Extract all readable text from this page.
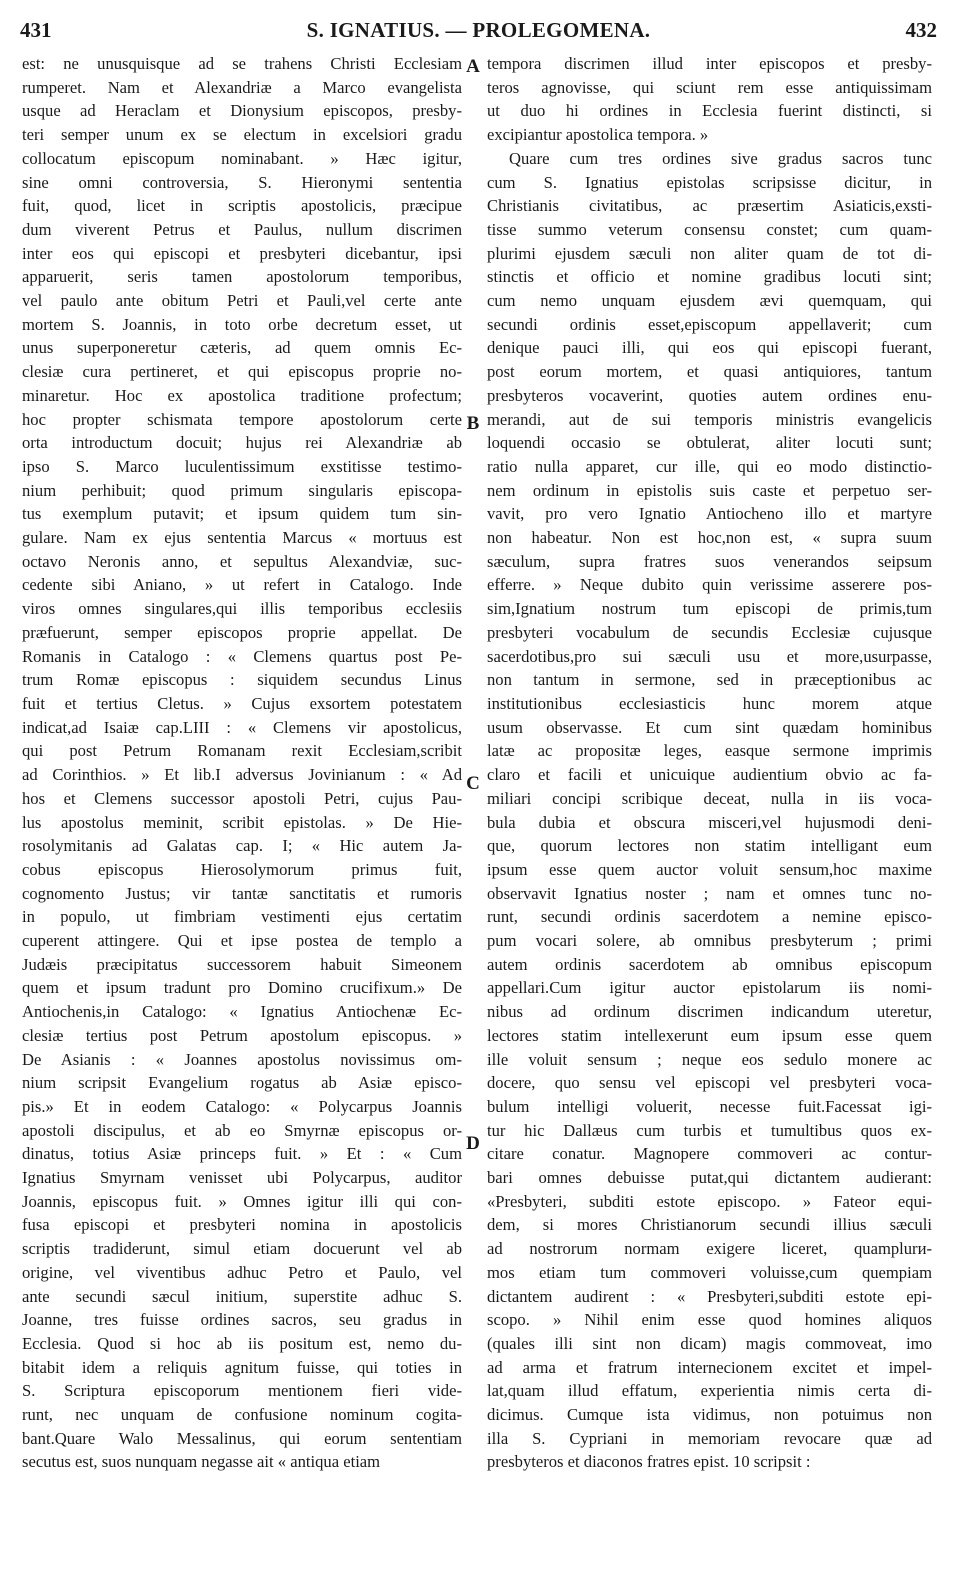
431	S. IGNATIUS. — PROLEGOMENA.	432
est: ne unusquisque ad se trahens Christi Ecclesiam
rumperet. Nam et Alexandriæ a Marco evangelista
usque ad Heraclam et Dionysium episcopos, presby-
teri semper unum ex se electum in excelsiori gradu
collocatum episcopum nominabant. » Hæc igitur,
sine omni controversia, S. Hieronymi sententia
fuit, quod, licet in scriptis apostolicis, præcipue
dum viverent Petrus et Paulus, nullum discrimen
inter eos qui episcopi et presbyteri dicebantur, ipsi
apparuerit, seris tamen apostolorum temporibus,
vel paulo ante obitum Petri et Pauli,vel certe ante
mortem S. Joannis, in toto orbe decretum esset, ut
unus superponeretur cæteris, ad quem omnis Ec-
clesiæ cura pertineret, et qui episcopus proprie no-
minaretur. Hoc ex apostolica traditione profectum;
hoc propter schismata tempore apostolorum certe
orta introductum docuit; hujus rei Alexandriæ ab
ipso S. Marco luculentissimum exstitisse testimo-
nium perhibuit; quod primum singularis episcopa-
tus exemplum putavit; et ipsum quidem tum sin-
gulare. Nam ex ejus sententia Marcus « mortuus est
octavo Neronis anno, et sepultus Alexandviæ, suc-
cedente sibi Aniano, » ut refert in Catalogo. Inde
viros omnes singulares,qui illis temporibus ecclesiis
præfuerunt, semper episcopos proprie appellat. De
Romanis in Catalogo : « Clemens quartus post Pe-
trum Romæ episcopus : siquidem secundus Linus
fuit et tertius Cletus. » Cujus exsortem potestatem
indicat,ad Isaiæ cap.LIII : « Clemens vir apostolicus,
qui post Petrum Romanam rexit Ecclesiam,scribit
ad Corinthios. » Et lib.I adversus Jovinianum : « Ad
hos et Clemens successor apostoli Petri, cujus Pau-
lus apostolus meminit, scribit epistolas. » De Hie-
rosolymitanis ad Galatas cap. I; « Hic autem Ja-
cobus episcopus Hierosolymorum primus fuit,
cognomento Justus; vir tantæ sanctitatis et rumoris
in populo, ut fimbriam vestimenti ejus certatim
cuperent attingere. Qui et ipse postea de templo a
Judæis præcipitatus successorem habuit Simeonem
quem et ipsum tradunt pro Domino crucifixum.» De
Antiochenis,in Catalogo: « Ignatius Antiochenæ Ec-
clesiæ tertius post Petrum apostolum episcopus. »
De Asianis : « Joannes apostolus novissimus om-
nium scripsit Evangelium rogatus ab Asiæ episco-
pis.» Et in eodem Catalogo: « Polycarpus Joannis
apostoli discipulus, et ab eo Smyrnæ episcopus or-
dinatus, totius Asiæ princeps fuit. » Et : « Cum
Ignatius Smyrnam venisset ubi Polycarpus, auditor
Joannis, episcopus fuit. » Omnes igitur illi qui con-
fusa episcopi et presbyteri nomina in apostolicis
scriptis tradiderunt, simul etiam docuerunt vel ab
origine, vel viventibus adhuc Petro et Paulo, vel
ante secundi sæcul initium, superstite adhuc S.
Joanne, tres fuisse ordines sacros, seu gradus in
Ecclesia. Quod si hoc ab iis positum est, nemo du-
bitabit idem a reliquis agnitum fuisse, qui toties in
S. Scriptura episcoporum mentionem fieri vide-
runt, nec unquam de confusione nominum cogita-
bant.Quare Walo Messalinus, qui eorum sententiam
secutus est, suos nunquam negasse ait « antiqua etiam
tempora discrimen illud inter episcopos et presby-
teros agnovisse, qui sciunt rem esse antiquissimam
ut duo hi ordines in Ecclesia fuerint distincti, si
excipiantur apostolica tempora. »
Quare cum tres ordines sive gradus sacros tunc
cum S. Ignatius epistolas scripsisse dicitur, in
Christianis civitatibus, ac præsertim Asiaticis,exsti-
tisse summo veterum consensu constet; cum quam-
plurimi ejusdem sæculi non aliter quam de tot di-
stinctis et officio et nomine gradibus locuti sint;
cum nemo unquam ejusdem ævi quemquam, qui
secundi ordinis esset,episcopum appellaverit; cum
denique pauci illi, qui eos qui episcopi fuerant,
post eorum mortem, et quasi antiquiores, tantum
presbyteros vocaverint, quoties autem ordines enu-
merandi, aut de sui temporis ministris evangelicis
loquendi occasio se obtulerat, aliter locuti sunt;
ratio nulla apparet, cur ille, qui eo modo distinctio-
nem ordinum in epistolis suis caste et perpetuo ser-
vavit, pro vero Ignatio Antiocheno illo et martyre
non habeatur. Non est hoc,non est, « supra suum
sæculum, supra fratres suos venerandos seipsum
efferre. » Neque dubito quin verissime asserere pos-
sim,Ignatium nostrum tum episcopi de primis,tum
presbyteri vocabulum de secundis Ecclesiæ cujusque
sacerdotibus,pro sui sæculi usu et more,usurpasse,
non tantum in sermone, sed in præceptionibus ac
institutionibus ecclesiasticis hunc morem atque
usum observasse. Et cum sint quædam hominibus
latæ ac propositæ leges, easque sermone imprimis
claro et facili et unicuique audientium obvio ac fa-
miliari concipi scribique deceat, nulla in iis voca-
bula dubia et obscura misceri,vel hujusmodi deni-
que, quorum lectores non statim intelligant eum
ipsum esse quem auctor voluit sensum,hoc maxime
observavit Ignatius noster ; nam et omnes tunc no-
runt, secundi ordinis sacerdotem a nemine episco-
pum vocari solere, ab omnibus presbyterum ; primi
autem ordinis sacerdotem ab omnibus episcopum
appellari.Cum igitur auctor epistolarum iis nomi-
nibus ad ordinum discrimen indicandum uteretur,
lectores statim intellexerunt eum ipsum esse quem
ille voluit sensum ; neque eos sedulo monere ac
docere, quo sensu vel episcopi vel presbyteri voca-
bulum intelligi voluerit, necesse fuit.Facessat igi-
tur hic Dallæus cum turbis et tumultibus quos ex-
citare conatur. Magnopere commoveri ac contur-
bari omnes debuisse putat,qui dictantem audierant:
«Presbyteri, subditi estote episcopo. » Fateor equi-
dem, si mores Christianorum secundi illius sæculi
ad nostrorum normam exigere liceret, quamplurи-
mos etiam tum commoveri voluisse,cum quempiam
dictantem audirent : « Presbyteri,subditi estote epi-
scopo. » Nihil enim esse quod homines aliquos
(quales illi sint non dicam) magis commoveat, imo
ad arma et fratrum internecionem excitet et impel-
lat,quam illud effatum, experientia nimis certa di-
dicimus. Cumque ista vidimus, non potuimus non
illa S. Cypriani in memoriam revocare quæ ad
presbyteros et diaconos fratres epist. 10 scripsit :
A
B
C
D
